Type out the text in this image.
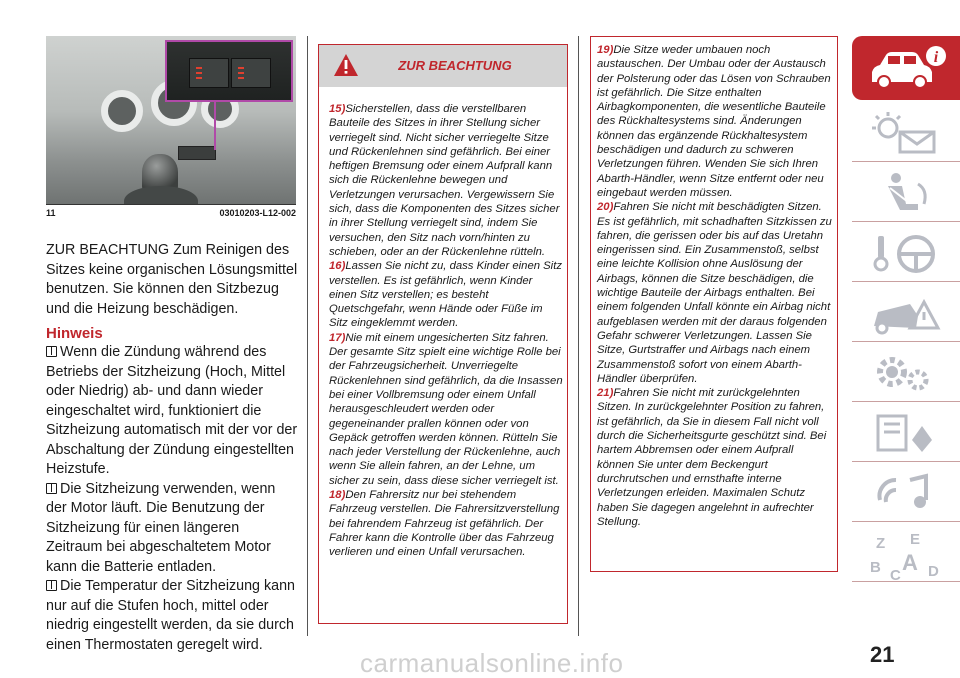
11	03010203-L12-002

ZUR BEACHTUNG Zum Reinigen des Sitzes keine organischen Lösungsmittel benutzen. Sie können den Sitzbezug und die Heizung beschädigen.

Hinweis

Wenn die Zündung während des Betriebs der Sitzheizung (Hoch, Mittel oder Niedrig) ab- und dann wieder eingeschaltet wird, funktioniert die Sitzheizung automatisch mit der vor der Abschaltung der Zündung eingestellten Heizstufe.

Die Sitzheizung verwenden, wenn der Motor läuft. Die Benutzung der Sitzheizung für einen längeren Zeitraum bei abgeschaltetem Motor kann die Batterie entladen.

Die Temperatur der Sitzheizung kann nur auf die Stufen hoch, mittel oder niedrig eingestellt werden, da sie durch einen Thermostaten geregelt wird.

ZUR BEACHTUNG
15)Sicherstellen, dass die verstellbaren Bauteile des Sitzes in ihrer Stellung sicher verriegelt sind. Nicht sicher verriegelte Sitze und Rückenlehnen sind gefährlich. Bei einer heftigen Bremsung oder einem Aufprall kann sich die Rückenlehne bewegen und Verletzungen verursachen. Vergewissern Sie sich, dass die Komponenten des Sitzes sicher in ihrer Stellung verriegelt sind, indem Sie versuchen, den Sitz nach vorn/hinten zu schieben, oder an der Rückenlehne rütteln.
16)Lassen Sie nicht zu, dass Kinder einen Sitz verstellen. Es ist gefährlich, wenn Kinder einen Sitz verstellen; es besteht Quetschgefahr, wenn Hände oder Füße im Sitz eingeklemmt werden.
17)Nie mit einem ungesicherten Sitz fahren. Der gesamte Sitz spielt eine wichtige Rolle bei der Fahrzeugsicherheit. Unverriegelte Rückenlehnen sind gefährlich, da die Insassen bei einer Vollbremsung oder einem Unfall herausgeschleudert werden oder gegeneinander prallen können oder von Gepäck getroffen werden können. Rütteln Sie nach jeder Verstellung der Rückenlehne, auch wenn Sie allein fahren, an der Lehne, um sicher zu sein, dass diese sicher verriegelt ist.
18)Den Fahrersitz nur bei stehendem Fahrzeug verstellen. Die Fahrersitzverstellung bei fahrendem Fahrzeug ist gefährlich. Der Fahrer kann die Kontrolle über das Fahrzeug verlieren und einen Unfall verursachen.
19)Die Sitze weder umbauen noch austauschen. Der Umbau oder der Austausch der Polsterung oder das Lösen von Schrauben ist gefährlich. Die Sitze enthalten Airbagkomponenten, die wesentliche Bauteile des Rückhaltesystems sind. Änderungen können das ergänzende Rückhaltesystem beschädigen und dadurch zu schweren Verletzungen führen. Wenden Sie sich Ihren Abarth-Händler, wenn Sitze entfernt oder neu eingebaut werden müssen.
20)Fahren Sie nicht mit beschädigten Sitzen. Es ist gefährlich, mit schadhaften Sitzkissen zu fahren, die gerissen oder bis auf das Uretahn eingerissen sind. Ein Zusammenstoß, selbst eine leichte Kollision ohne Auslösung der Airbags, können die Sitze beschädigen, die wichtige Bauteile der Airbags enthalten. Bei einem folgenden Unfall könnte ein Airbag nicht aufgeblasen werden mit der daraus folgenden Gefahr schwerer Verletzungen. Lassen Sie Sitze, Gurtstraffer und Airbags nach einem Zusammenstoß sofort von einem Abarth-Händler überprüfen.
21)Fahren Sie nicht mit zurückgelehnten Sitzen. In zurückgelehnter Position zu fahren, ist gefährlich, da Sie in diesem Fall nicht voll durch die Sicherheitsgurte geschützt sind. Bei hartem Abbremsen oder einem Aufprall können Sie unter dem Beckengurt durchrutschen und ernsthafte interne Verletzungen erleiden. Maximalen Schutz haben Sie dagegen angelehnt in aufrechter Stellung.
i
Z E
B C
A D
carmanualsonline.info	21
